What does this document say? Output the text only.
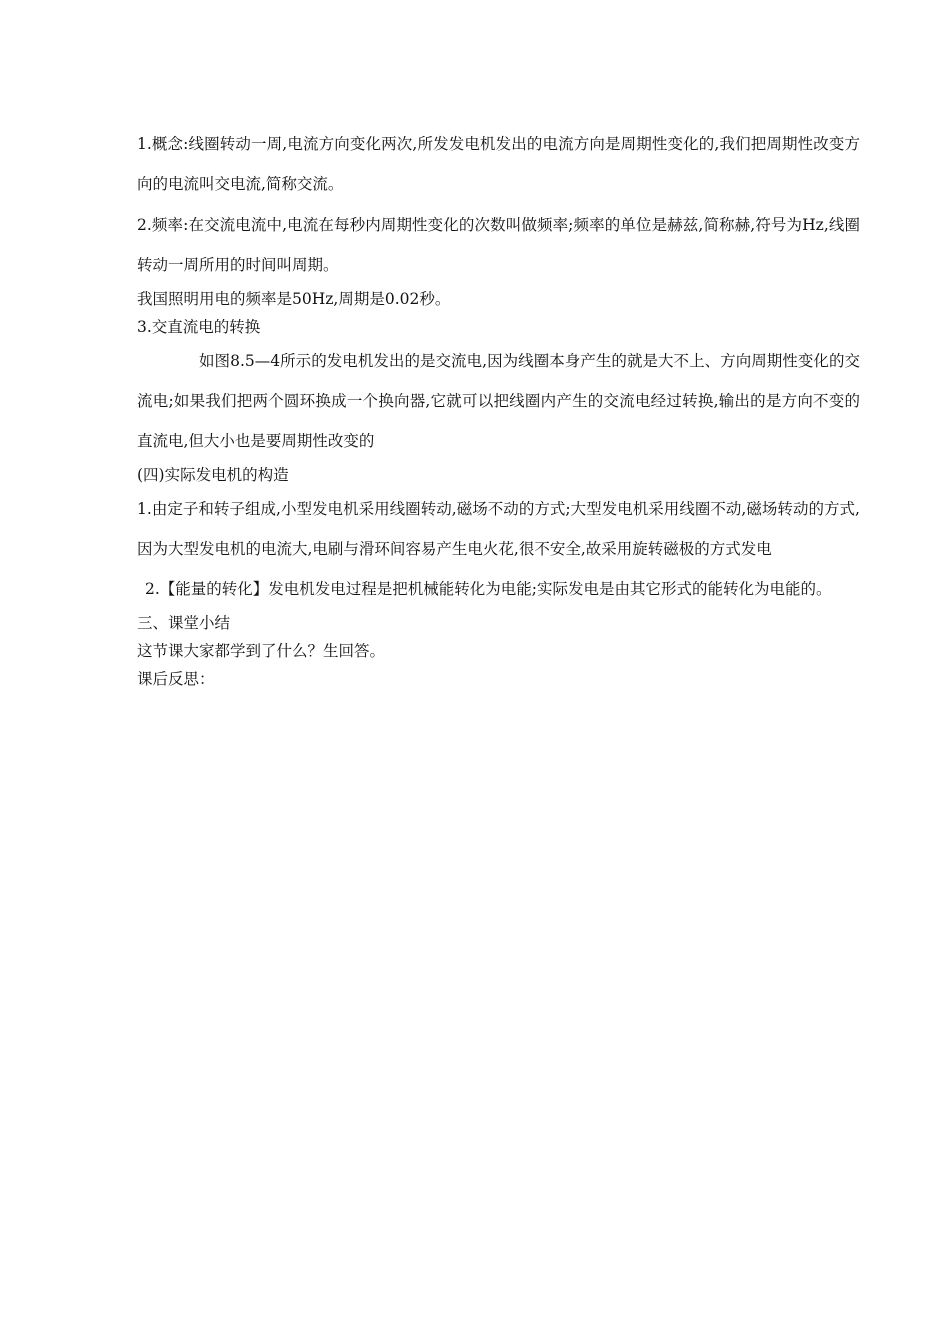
1.概念:线圈转动一周,电流方向变化两次,所发发电机发出的电流方向是周期性变化的,我们把周期性改变方向的电流叫交电流,简称交流。

2.频率:在交流电流中,电流在每秒内周期性变化的次数叫做频率;频率的单位是赫兹,简称赫,符号为Hz,线圈转动一周所用的时间叫周期。

我国照明用电的频率是50Hz,周期是0.02秒。

3.交直流电的转换

如图8.5—4所示的发电机发出的是交流电,因为线圈本身产生的就是大不上、方向周期性变化的交流电;如果我们把两个圆环换成一个换向器,它就可以把线圈内产生的交流电经过转换,输出的是方向不变的直流电,但大小也是要周期性改变的

(四)实际发电机的构造

1.由定子和转子组成,小型发电机采用线圈转动,磁场不动的方式;大型发电机采用线圈不动,磁场转动的方式,因为大型发电机的电流大,电刷与滑环间容易产生电火花,很不安全,故采用旋转磁极的方式发电

2.【能量的转化】发电机发电过程是把机械能转化为电能;实际发电是由其它形式的能转化为电能的。

三、课堂小结

这节课大家都学到了什么？生回答。

课后反思：
